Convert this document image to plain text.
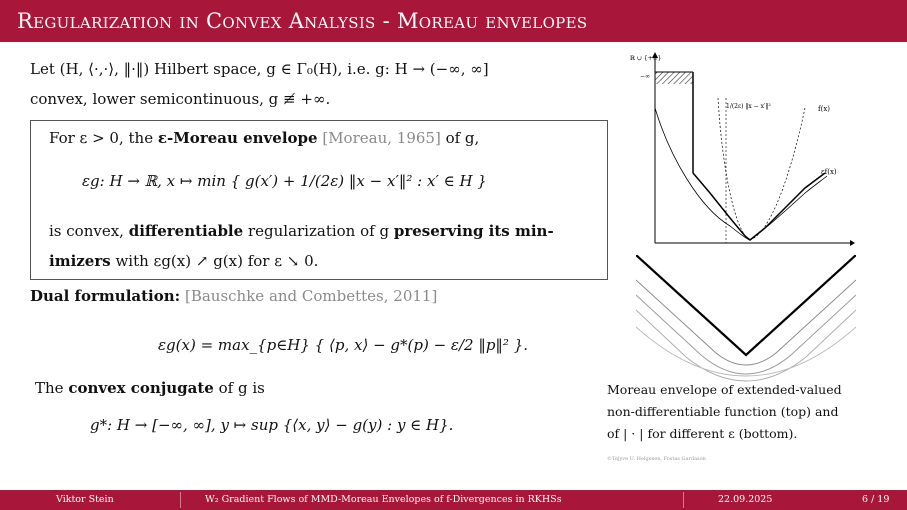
Regularization in Convex Analysis - Moreau envelopes
Let (H, ⟨·,·⟩, ‖·‖) Hilbert space, g ∈ Γ₀(H), i.e. g: H → (−∞, ∞]
convex, lower semicontinuous, g ≢ +∞.
For ε > 0, the ε-Moreau envelope [Moreau, 1965] of g,
εg: H → ℝ, x ↦ min { g(x′) + 1/(2ε) ‖x − x′‖² : x′ ∈ H }
is convex, differentiable regularization of g preserving its min-
imizers with εg(x) ↗ g(x) for ε ↘ 0.
Dual formulation: [Bauschke and Combettes, 2011]
εg(x) = max_{p∈H} { ⟨p, x⟩ − g*(p) − ε/2 ‖p‖² }.
The convex conjugate of g is
g*: H → [−∞, ∞], y ↦ sup {⟨x, y⟩ − g(y) : y ∈ H}.
ℝ ∪ {+∞}
−∞
1/(2ε) ‖x − x′‖²	f(x)
εf(x)
Moreau envelope of extended-valued
non-differentiable function (top) and
of | · | for different ε (bottom).
©Tejyve U. Helgesen, Fostas Gardason
Viktor Stein	W₂ Gradient Flows of MMD-Moreau Envelopes of f-Divergences in RKHSs	22.09.2025	6 / 19
